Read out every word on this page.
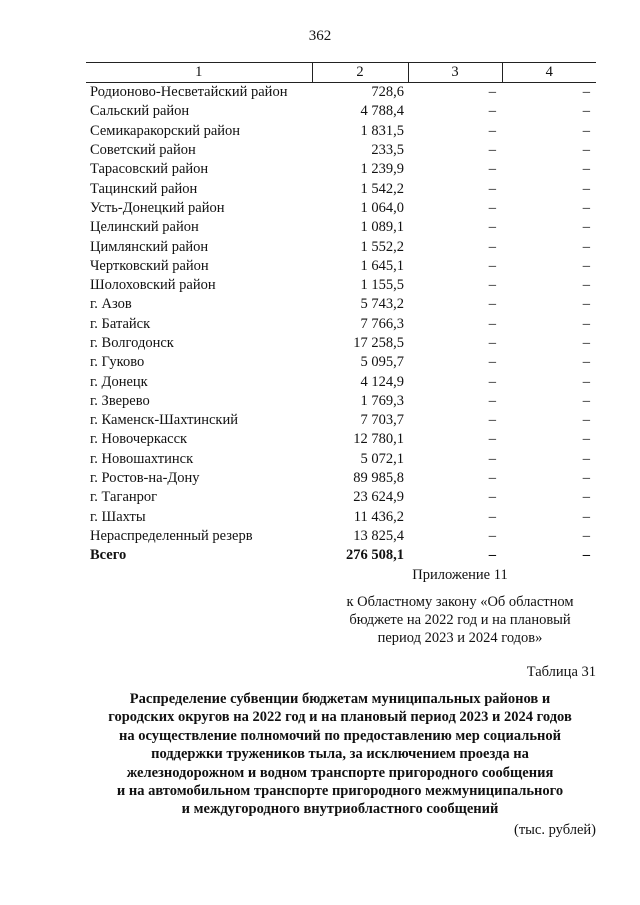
362
1	2	3	4
Родионово-Несветайский район	728,6	–	–
Сальский район	4 788,4	–	–
Семикаракорский район	1 831,5	–	–
Советский район	233,5	–	–
Тарасовский район	1 239,9	–	–
Тацинский район	1 542,2	–	–
Усть-Донецкий район	1 064,0	–	–
Целинский район	1 089,1	–	–
Цимлянский район	1 552,2	–	–
Чертковский район	1 645,1	–	–
Шолоховский район	1 155,5	–	–
г. Азов	5 743,2	–	–
г. Батайск	7 766,3	–	–
г. Волгодонск	17 258,5	–	–
г. Гуково	5 095,7	–	–
г. Донецк	4 124,9	–	–
г. Зверево	1 769,3	–	–
г. Каменск-Шахтинский	7 703,7	–	–
г. Новочеркасск	12 780,1	–	–
г. Новошахтинск	5 072,1	–	–
г. Ростов-на-Дону	89 985,8	–	–
г. Таганрог	23 624,9	–	–
г. Шахты	11 436,2	–	–
Нераспределенный резерв	13 825,4	–	–
Всего	276 508,1	–	–
Приложение 11
к Областному закону «Об областном
бюджете на 2022 год и на плановый
период 2023 и 2024 годов»
Таблица 31
Распределение субвенции бюджетам муниципальных районов и
городских округов на 2022 год и на плановый период 2023 и 2024 годов
на осуществление полномочий по предоставлению мер социальной
поддержки тружеников тыла, за исключением проезда на
железнодорожном и водном транспорте пригородного сообщения
и на автомобильном транспорте пригородного межмуниципального
и междугородного внутриобластного сообщений
(тыс. рублей)
